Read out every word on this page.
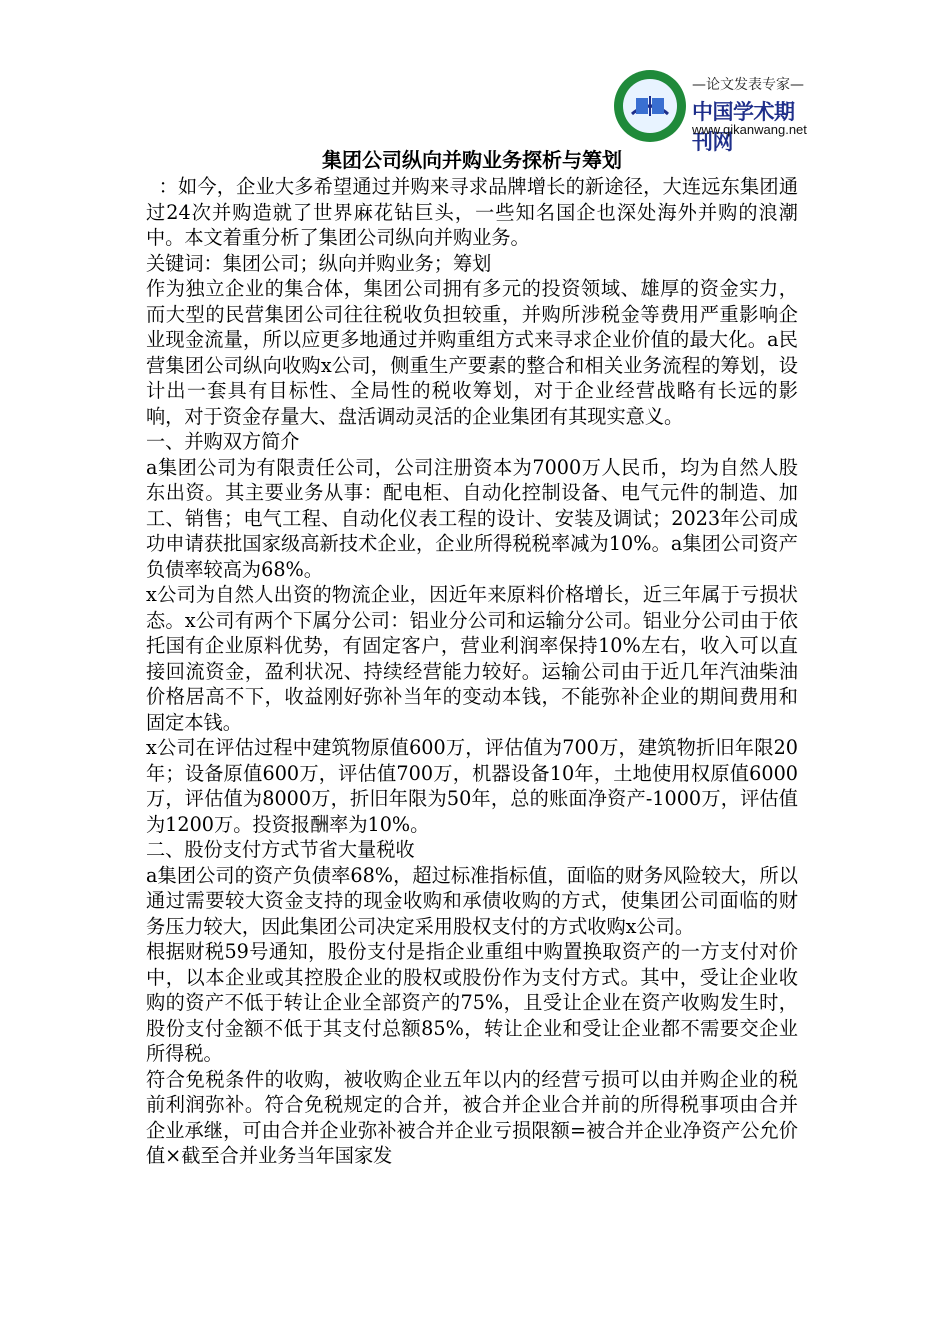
—论文发表专家—
中国学术期刊网
www.qikanwang.net
集团公司纵向并购业务探析与筹划

：如今，企业大多希望通过并购来寻求品牌增长的新途径，大连远东集团通过24次并购造就了世界麻花钻巨头，一些知名国企也深处海外并购的浪潮中。本文着重分析了集团公司纵向并购业务。

关键词：集团公司；纵向并购业务；筹划

作为独立企业的集合体，集团公司拥有多元的投资领域、雄厚的资金实力，而大型的民营集团公司往往税收负担较重，并购所涉税金等费用严重影响企业现金流量，所以应更多地通过并购重组方式来寻求企业价值的最大化。a民营集团公司纵向收购x公司，侧重生产要素的整合和相关业务流程的筹划，设计出一套具有目标性、全局性的税收筹划，对于企业经营战略有长远的影响，对于资金存量大、盘活调动灵活的企业集团有其现实意义。

一、并购双方简介

a集团公司为有限责任公司，公司注册资本为7000万人民币，均为自然人股东出资。其主要业务从事：配电柜、自动化控制设备、电气元件的制造、加工、销售；电气工程、自动化仪表工程的设计、安装及调试；2023年公司成功申请获批国家级高新技术企业，企业所得税税率减为10%。a集团公司资产负债率较高为68%。

x公司为自然人出资的物流企业，因近年来原料价格增长，近三年属于亏损状态。x公司有两个下属分公司：铝业分公司和运输分公司。铝业分公司由于依托国有企业原料优势，有固定客户，营业利润率保持10%左右，收入可以直接回流资金，盈利状况、持续经营能力较好。运输公司由于近几年汽油柴油价格居高不下，收益刚好弥补当年的变动本钱，不能弥补企业的期间费用和固定本钱。

x公司在评估过程中建筑物原值600万，评估值为700万，建筑物折旧年限20年；设备原值600万，评估值700万，机器设备10年，土地使用权原值6000万，评估值为8000万，折旧年限为50年，总的账面净资产-1000万，评估值为1200万。投资报酬率为10%。

二、股份支付方式节省大量税收

a集团公司的资产负债率68%，超过标准指标值，面临的财务风险较大，所以通过需要较大资金支持的现金收购和承债收购的方式，使集团公司面临的财务压力较大，因此集团公司决定采用股权支付的方式收购x公司。

根据财税59号通知，股份支付是指企业重组中购置换取资产的一方支付对价中，以本企业或其控股企业的股权或股份作为支付方式。其中，受让企业收购的资产不低于转让企业全部资产的75%，且受让企业在资产收购发生时，股份支付金额不低于其支付总额85%，转让企业和受让企业都不需要交企业所得税。

符合免税条件的收购，被收购企业五年以内的经营亏损可以由并购企业的税前利润弥补。符合免税规定的合并，被合并企业合并前的所得税事项由合并企业承继，可由合并企业弥补被合并企业亏损限额=被合并企业净资产公允价值×截至合并业务当年国家发
